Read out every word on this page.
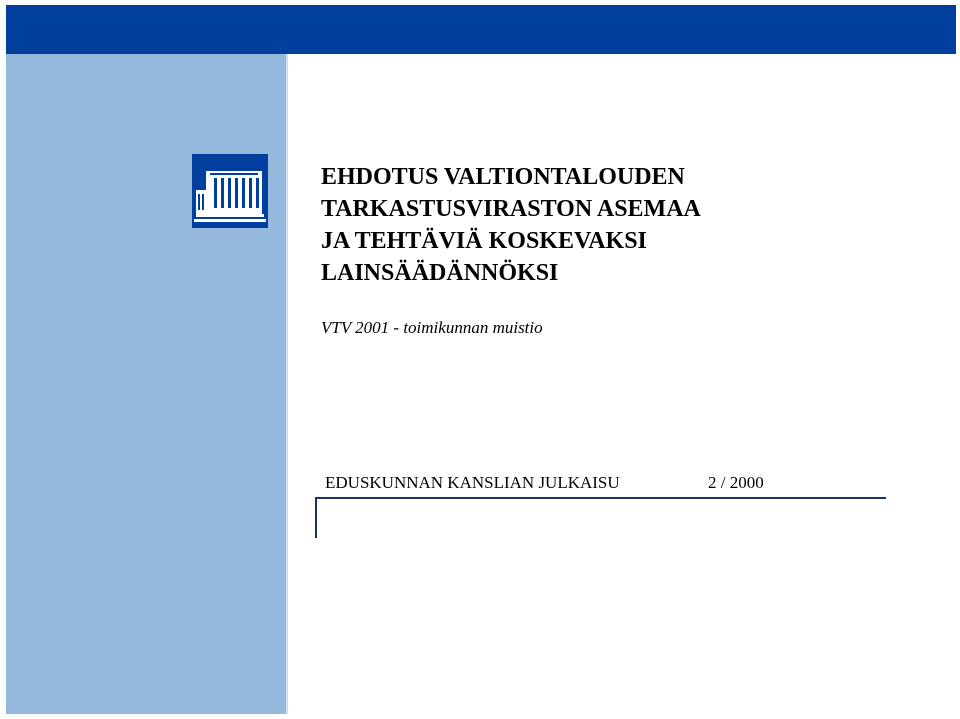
EHDOTUS VALTIONTALOUDEN
TARKASTUSVIRASTON ASEMAA
JA TEHTÄVIÄ KOSKEVAKSI
LAINSÄÄDÄNNÖKSI
VTV 2001 - toimikunnan muistio
EDUSKUNNAN KANSLIAN JULKAISU	2 / 2000
